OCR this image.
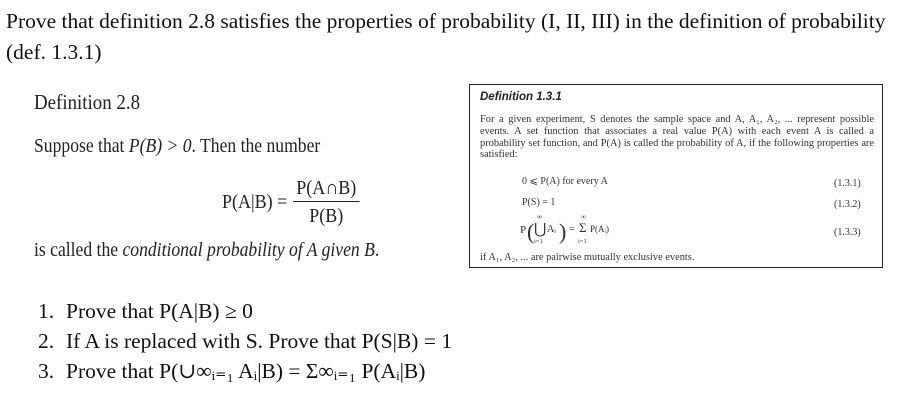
Prove that definition 2.8 satisfies the properties of probability (I, II, III) in the definition of probability (def. 1.3.1)
Definition 2.8
Suppose that P(B) > 0. Then the number
$P(A|B) = \frac{P(A\cap B)}{P(B)}$
is called the conditional probability of A given B.
Definition 1.3.1
For a given experiment, S denotes the sample space and A, A₁, A₂, ... represent possible events. A set function that associates a real value P(A) with each event A is called a probability set function, and P(A) is called the probability of A, if the following properties are satisfied:
0 ⩽ P(A) for every A	(1.3.1)
P(S) = 1	(1.3.2)
P (
∞
⋃
i=1
Aᵢ ) =
∞
Σ
i=1
P(Aᵢ)	(1.3.3)
if A₁, A₂, ... are pairwise mutually exclusive events.
1. Prove that P(A|B) ≥ 0
2. If A is replaced with S. Prove that P(S|B) = 1
3. Prove that P(∪∞ᵢ₌₁ Aᵢ|B) = Σ∞ᵢ₌₁ P(Aᵢ|B)
